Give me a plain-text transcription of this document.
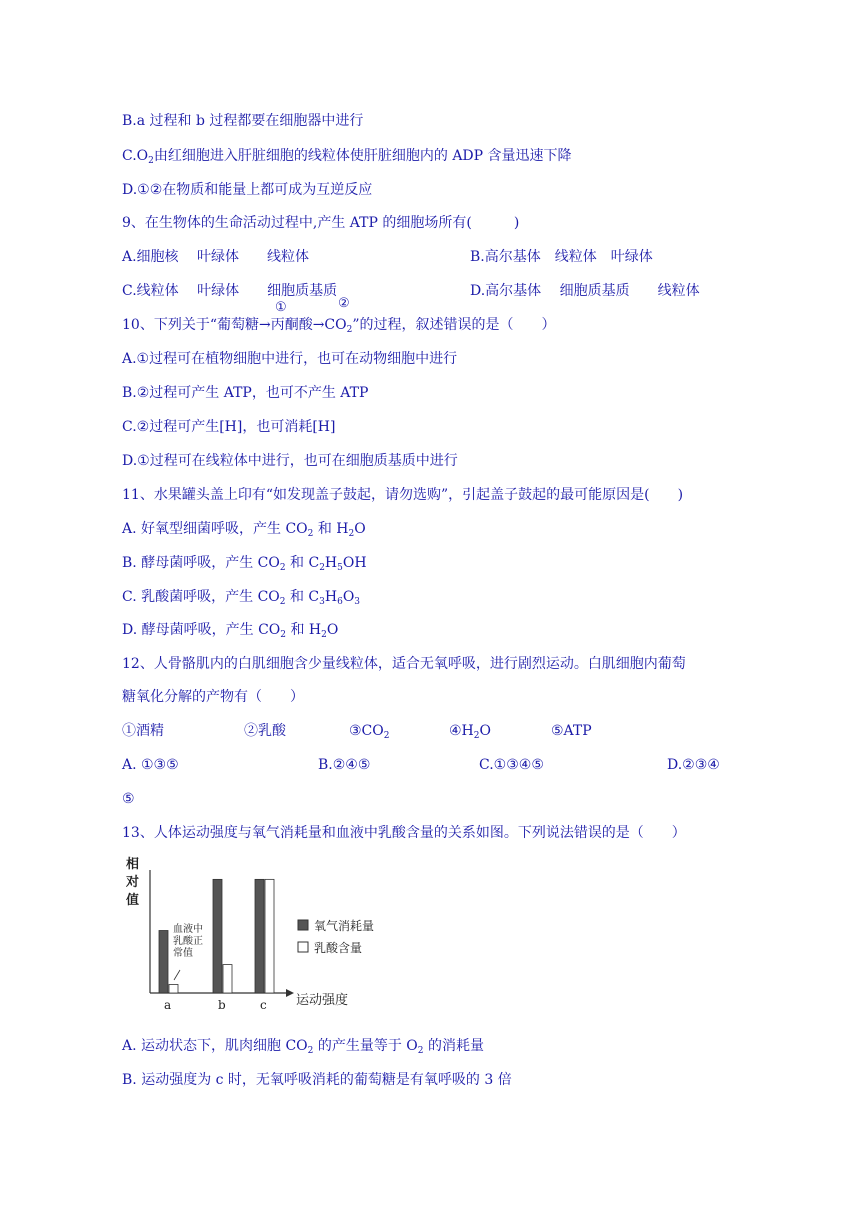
B.a 过程和 b 过程都要在细胞器中进行
$C.O_2$由红细胞进入肝脏细胞的线粒体使肝脏细胞内的 ADP 含量迅速下降
D.①②在物质和能量上都可成为互逆反应
9、在生物体的生命活动过程中,产生 ATP 的细胞场所有(　　　)
A.细胞核　 叶绿体　　线粒体	B.高尔基体　线粒体　叶绿体
C.线粒体　 叶绿体　　细胞质基质	D.高尔基体　 细胞质基质　　线粒体
①	②
10、下列关于“葡萄糖→丙酮酸$\to CO_2$”的过程，叙述错误的是（　　）
A.①过程可在植物细胞中进行，也可在动物细胞中进行
B.②过程可产生 ATP，也可不产生 ATP
C.②过程可产生[H]，也可消耗[H]
D.①过程可在线粒体中进行，也可在细胞质基质中进行
11、水果罐头盖上印有“如发现盖子鼓起，请勿选购”，引起盖子鼓起的最可能原因是(　　)
A. 好氧型细菌呼吸，产生 $CO_2$ 和 $H_2O$
B. 酵母菌呼吸，产生 $CO_2$ 和 $C_2H_5OH$
C. 乳酸菌呼吸，产生 $CO_2$ 和 $C_3H_6O_3$
D. 酵母菌呼吸，产生 $CO_2$ 和 $H_2O$
12、人骨骼肌内的白肌细胞含少量线粒体，适合无氧呼吸，进行剧烈运动。白肌细胞内葡萄
糖氧化分解的产物有（　　）
①酒精	②乳酸	$③CO_2$	$④H_2O$	⑤ATP
A. ①③⑤	B.②④⑤	C.①③④⑤	D.②③④
⑤
13、人体运动强度与氧气消耗量和血液中乳酸含量的关系如图。下列说法错误的是（　　）
相
对
值
a	b	c
血液中
乳酸正
常值
氧气消耗量
乳酸含量
运动强度
A. 运动状态下，肌肉细胞 $CO_2$ 的产生量等于 $O_2$ 的消耗量
B. 运动强度为 c 时，无氧呼吸消耗的葡萄糖是有氧呼吸的 3 倍
